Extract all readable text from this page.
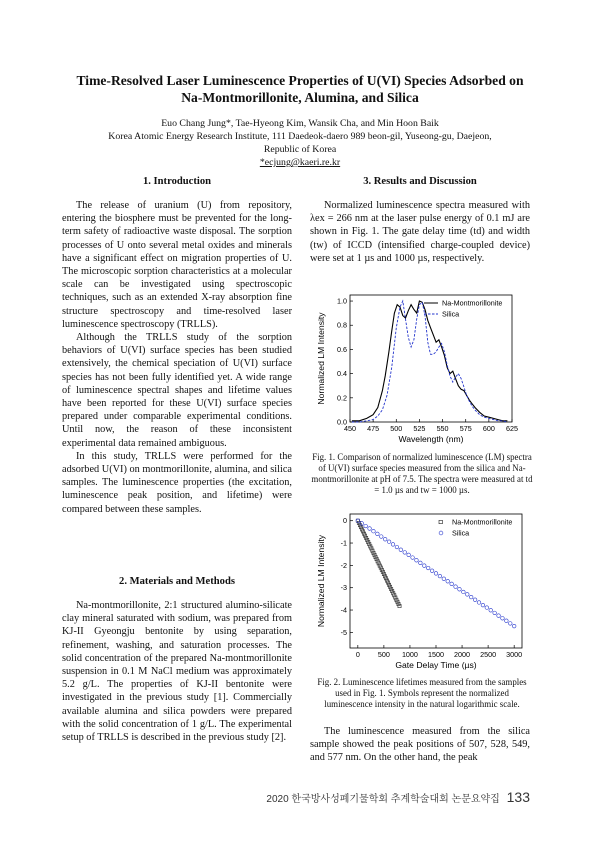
Time-Resolved Laser Luminescence Properties of U(VI) Species Adsorbed on
Na-Montmorillonite, Alumina, and Silica
Euo Chang Jung*, Tae-Hyeong Kim, Wansik Cha, and Min Hoon Baik
Korea Atomic Energy Research Institute, 111 Daedeok-daero 989 beon-gil, Yuseong-gu, Daejeon,
Republic of Korea
*ecjung@kaeri.re.kr
1. Introduction

The release of uranium (U) from repository, entering the biosphere must be prevented for the long-term safety of radioactive waste disposal. The sorption processes of U onto several metal oxides and minerals have a significant effect on migration properties of U. The microscopic sorption characteristics at a molecular scale can be investigated using spectroscopic techniques, such as an extended X-ray absorption fine structure spectroscopy and time-resolved laser luminescence spectroscopy (TRLLS).

Although the TRLLS study of the sorption behaviors of U(VI) surface species has been studied extensively, the chemical speciation of U(VI) surface species has not been fully identified yet. A wide range of luminescence spectral shapes and lifetime values have been reported for these U(VI) surface species prepared under comparable experimental conditions. Until now, the reason of these inconsistent experimental data remained ambiguous.

In this study, TRLLS were performed for the adsorbed U(VI) on montmorillonite, alumina, and silica samples. The luminescence properties (the excitation, luminescence peak position, and lifetime) were compared between these samples.

2. Materials and Methods

Na-montmorillonite, 2:1 structured alumino-silicate clay mineral saturated with sodium, was prepared from KJ-II Gyeongju bentonite by using separation, refinement, washing, and saturation processes. The solid concentration of the prepared Na-montmorillonite suspension in 0.1 M NaCl medium was approximately 5.2 g/L. The properties of KJ-II bentonite were investigated in the previous study [1]. Commercially available alumina and silica powders were prepared with the solid concentration of 1 g/L. The experimental setup of TRLLS is described in the previous study [2].

3. Results and Discussion

Normalized luminescence spectra measured with λex = 266 nm at the laser pulse energy of 0.1 mJ are shown in Fig. 1. The gate delay time (td) and width (tw) of ICCD (intensified charge-coupled device) were set at 1 µs and 1000 µs, respectively.

450 475 500 525 550 575 600 625
0.0
0.2
0.4
0.6
0.8
1.0
Wavelength (nm)
Normalized LM Intensity
Na-Montmorillonite
Silica
Fig. 1. Comparison of normalized luminescence (LM) spectra of U(VI) surface species measured from the silica and Na-montmorillonite at pH of 7.5. The spectra were measured at td = 1.0 µs and tw = 1000 µs.
0	500 1000 1500 2000 2500 3000
0
-1
-2
-3
-4
-5
Gate Delay Time (µs)
Normalized LM Intensity
Na-Montmorillonite
Silica
Fig. 2. Luminescence lifetimes measured from the samples used in Fig. 1. Symbols represent the normalized luminescence intensity in the natural logarithmic scale.

The luminescence measured from the silica sample showed the peak positions of 507, 528, 549, and 577 nm. On the other hand, the peak

2020 한국방사성폐기물학회 추계학술대회 논문요약집 133
